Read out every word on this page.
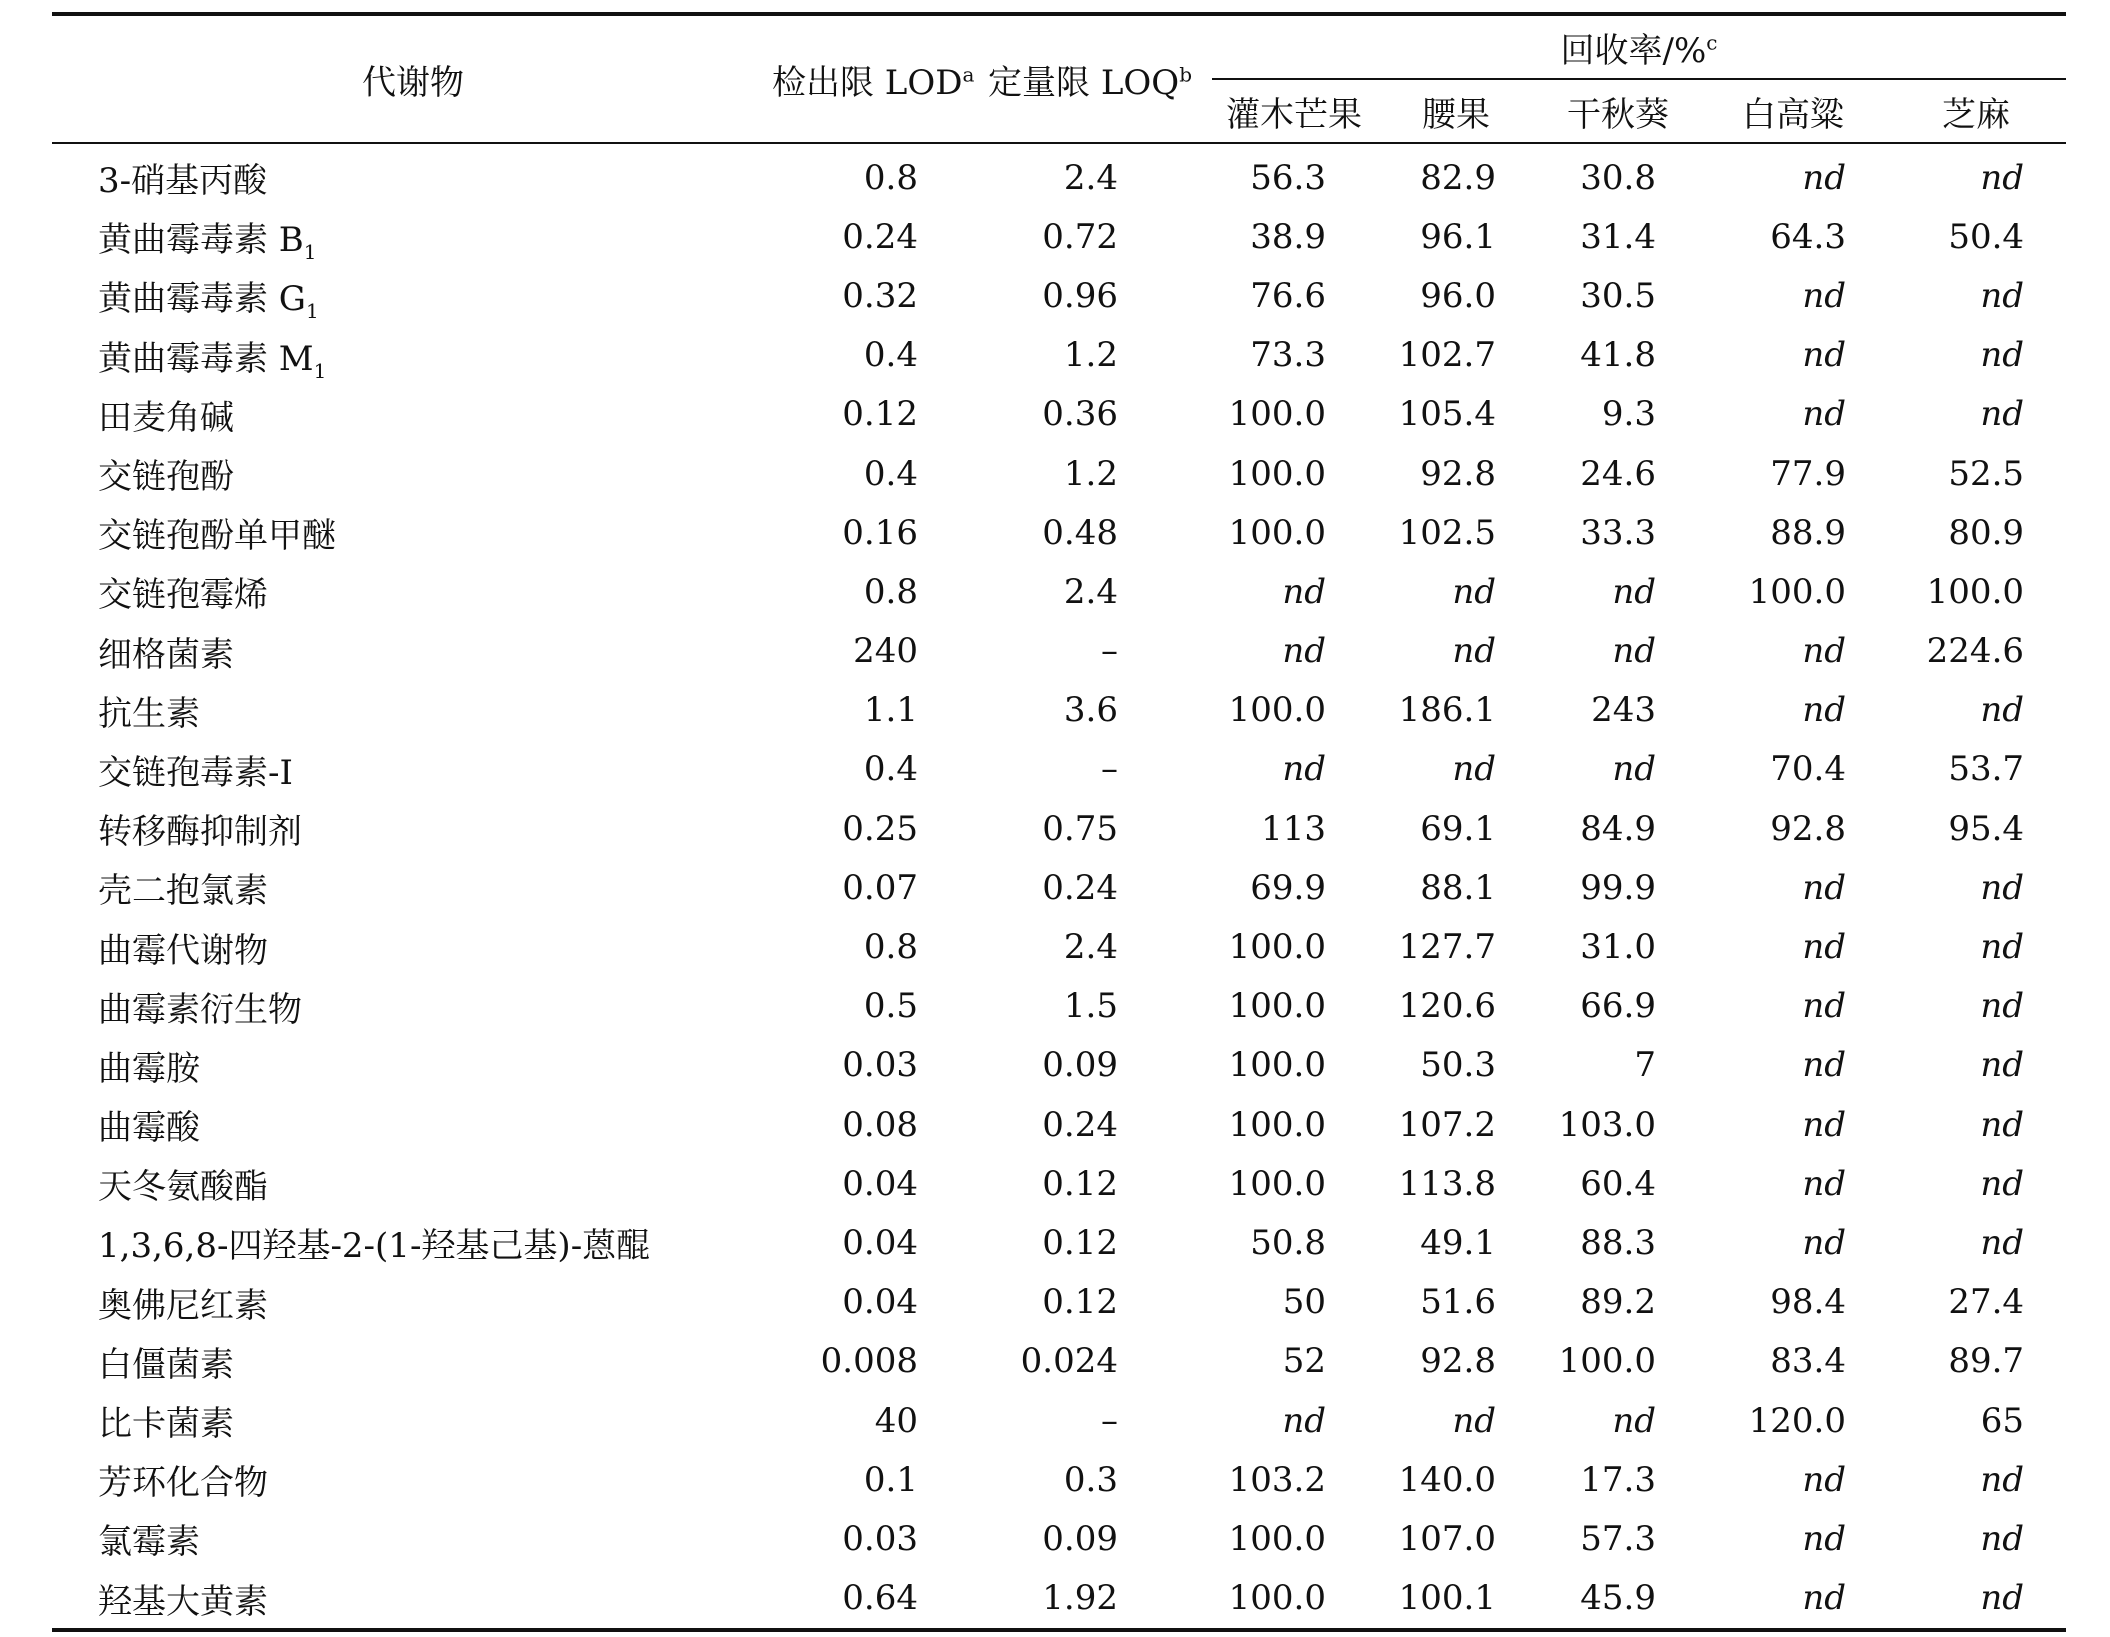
代谢物	检出限 LOD$^a$	定量限 LOQ$^b$	回收率/%$^c$
			灌木芒果	腰果	干秋葵	白高粱	芝麻
3-硝基丙酸	0.8	2.4	56.3	82.9	30.8	nd	nd
黄曲霉毒素 $B_1$	0.24	0.72	38.9	96.1	31.4	64.3	50.4
黄曲霉毒素 $G_1$	0.32	0.96	76.6	96.0	30.5	nd	nd
黄曲霉毒素 $M_1$	0.4	1.2	73.3	102.7	41.8	nd	nd
田麦角碱	0.12	0.36	100.0	105.4	9.3	nd	nd
交链孢酚	0.4	1.2	100.0	92.8	24.6	77.9	52.5
交链孢酚单甲醚	0.16	0.48	100.0	102.5	33.3	88.9	80.9
交链孢霉烯	0.8	2.4	nd	nd	nd	100.0	100.0
细格菌素	240	–	nd	nd	nd	nd	224.6
抗生素	1.1	3.6	100.0	186.1	243	nd	nd
交链孢毒素-I	0.4	–	nd	nd	nd	70.4	53.7
转移酶抑制剂	0.25	0.75	113	69.1	84.9	92.8	95.4
壳二抱氯素	0.07	0.24	69.9	88.1	99.9	nd	nd
曲霉代谢物	0.8	2.4	100.0	127.7	31.0	nd	nd
曲霉素衍生物	0.5	1.5	100.0	120.6	66.9	nd	nd
曲霉胺	0.03	0.09	100.0	50.3	7	nd	nd
曲霉酸	0.08	0.24	100.0	107.2	103.0	nd	nd
天冬氨酸酯	0.04	0.12	100.0	113.8	60.4	nd	nd
1,3,6,8-四羟基-2-(1-羟基己基)-蒽醌	0.04	0.12	50.8	49.1	88.3	nd	nd
奥佛尼红素	0.04	0.12	50	51.6	89.2	98.4	27.4
白僵菌素	0.008	0.024	52	92.8	100.0	83.4	89.7
比卡菌素	40	–	nd	nd	nd	120.0	65
芳环化合物	0.1	0.3	103.2	140.0	17.3	nd	nd
氯霉素	0.03	0.09	100.0	107.0	57.3	nd	nd
羟基大黄素	0.64	1.92	100.0	100.1	45.9	nd	nd
